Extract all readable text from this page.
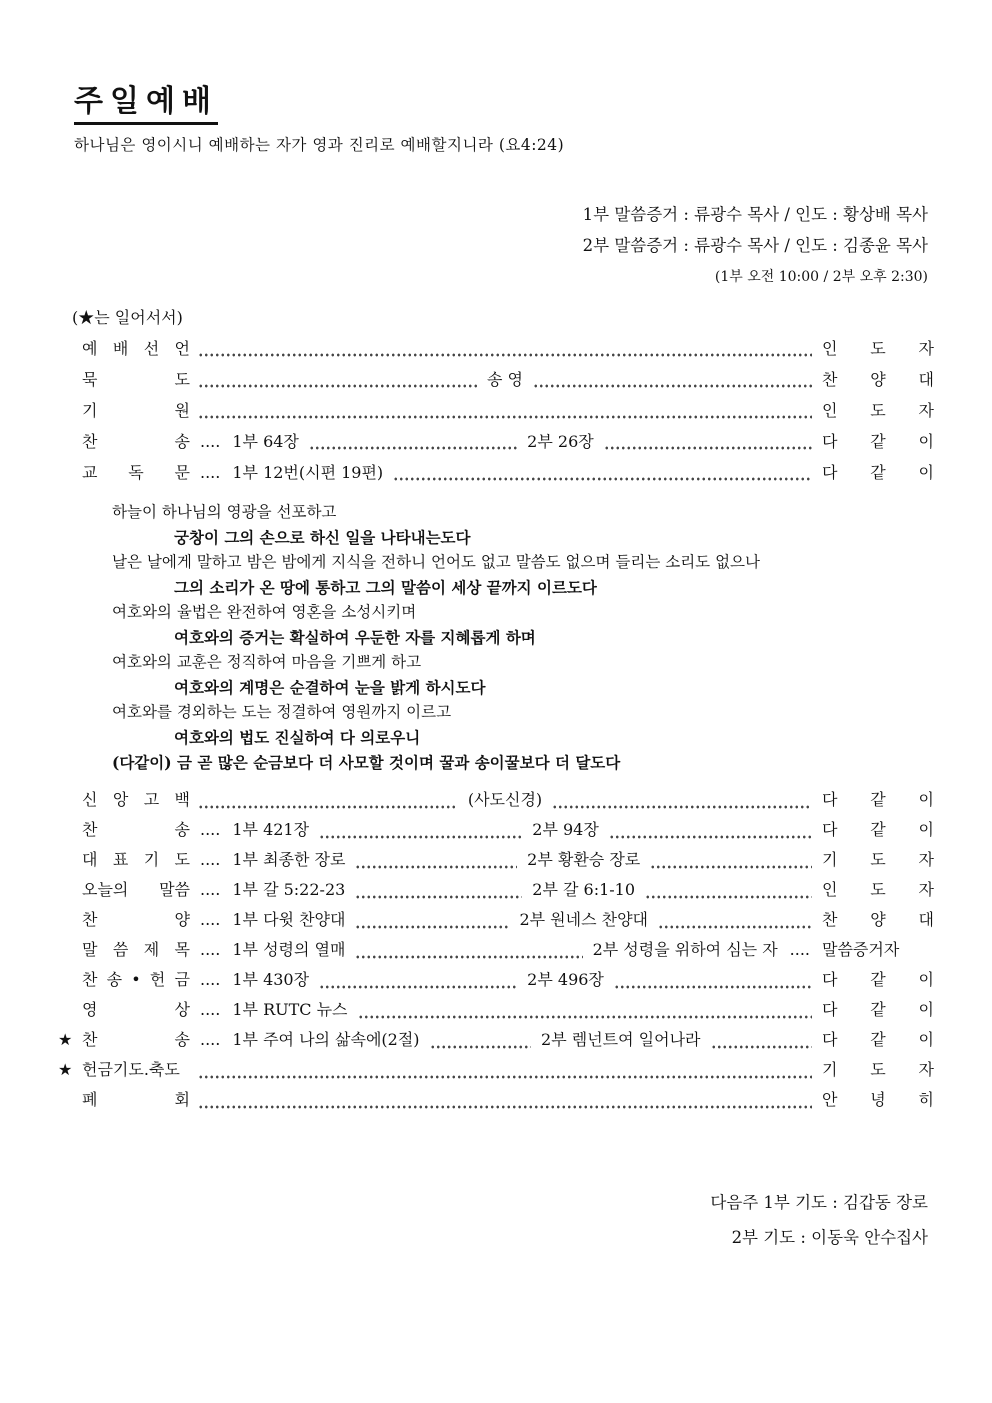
주일예배

하나님은 영이시니 예배하는 자가 영과 진리로 예배할지니라 (요4:24)

1부 말씀증거 : 류광수 목사 / 인도 : 황상배 목사
2부 말씀증거 : 류광수 목사 / 인도 : 김종윤 목사
(1부 오전 10:00 / 2부 오후 2:30)
(★는 일어서서)
예 배 선 언	인 도 자
묵 도	송 영	찬 양 대
기 원	인 도 자
찬 송 .... 1부 64장	2부 26장	다 같 이
교 독 문 .... 1부 12번(시편 19편)	다 같 이
하늘이 하나님의 영광을 선포하고
궁창이 그의 손으로 하신 일을 나타내는도다
날은 날에게 말하고 밤은 밤에게 지식을 전하니 언어도 없고 말씀도 없으며 들리는 소리도 없으나
그의 소리가 온 땅에 통하고 그의 말씀이 세상 끝까지 이르도다
여호와의 율법은 완전하여 영혼을 소성시키며
여호와의 증거는 확실하여 우둔한 자를 지혜롭게 하며
여호와의 교훈은 정직하여 마음을 기쁘게 하고
여호와의 계명은 순결하여 눈을 밝게 하시도다
여호와를 경외하는 도는 정결하여 영원까지 이르고
여호와의 법도 진실하여 다 의로우니
(다같이) 금 곧 많은 순금보다 더 사모할 것이며 꿀과 송이꿀보다 더 달도다
신 앙 고 백	(사도신경)	다 같 이
찬 송 .... 1부 421장	2부 94장	다 같 이
대 표 기 도 .... 1부 최종한 장로	2부 황환승 장로	기 도 자
오늘의 말씀 .... 1부 갈 5:22-23	2부 갈 6:1-10	인 도 자
찬 양 .... 1부 다윗 찬양대	2부 원네스 찬양대	찬 양 대
말 씀 제 목 .... 1부 성령의 열매	2부 성령을 위하여 심는 자 .... 말씀증거자
찬 송 • 헌 금 .... 1부 430장	2부 496장	다 같 이
영 상 .... 1부 RUTC 뉴스	다 같 이
★ 찬 송 .... 1부 주여 나의 삶속에(2절)	2부 렘넌트여 일어나라	다 같 이
★ 헌금기도.축도	기 도 자
폐 회	안 녕 히
다음주 1부 기도 : 김갑동 장로
2부 기도 : 이동욱 안수집사
